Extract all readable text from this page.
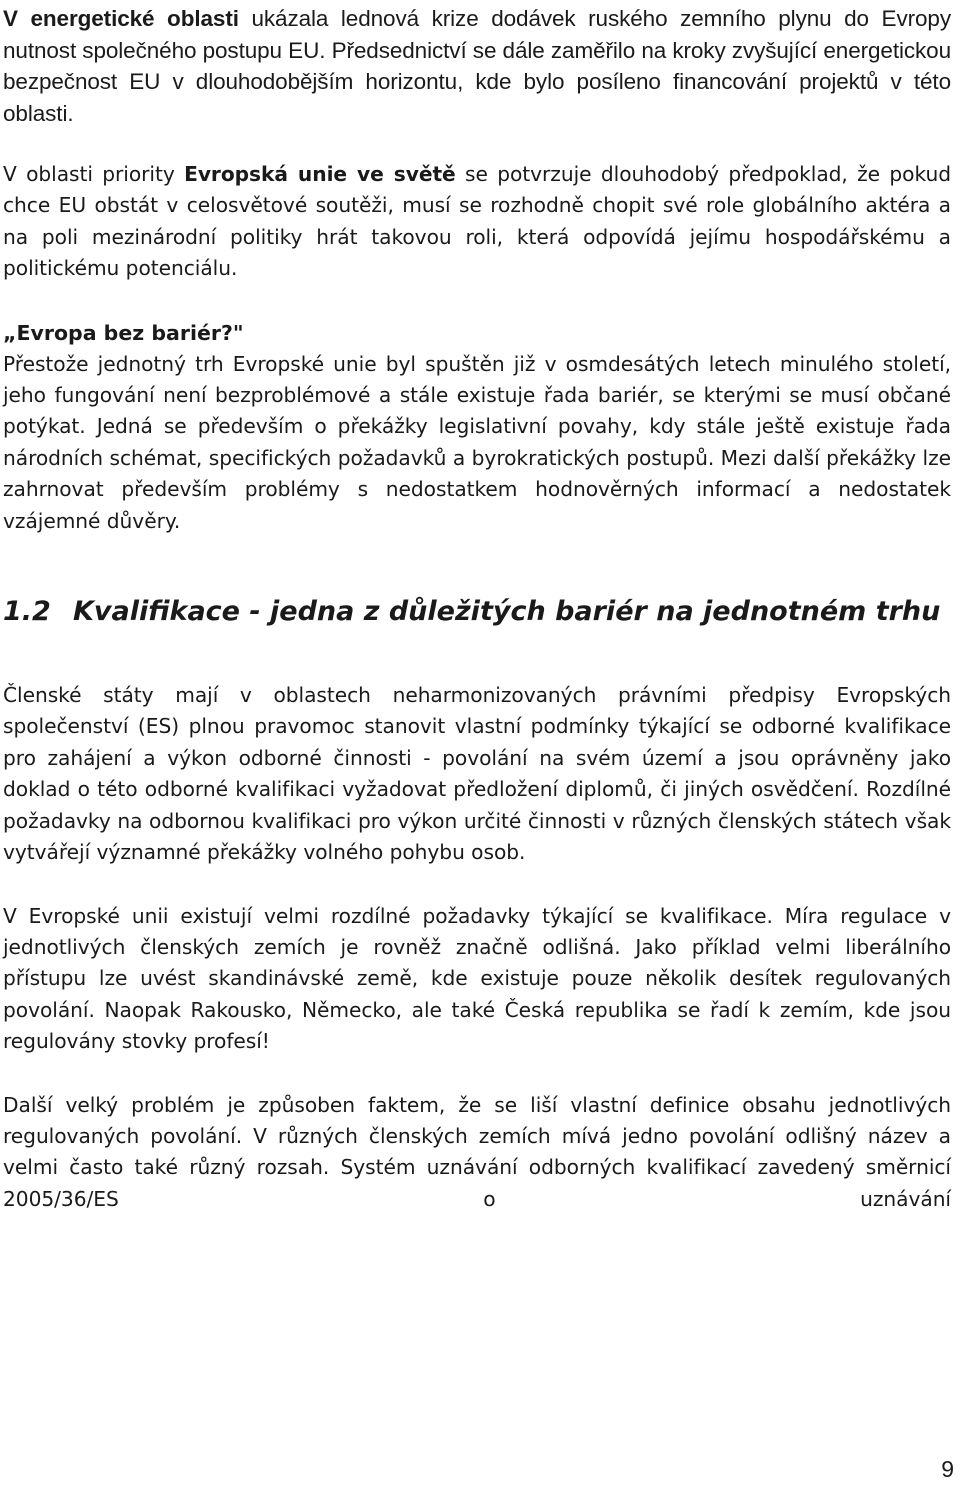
V energetické oblasti ukázala lednová krize dodávek ruského zemního plynu do Evropy nutnost společného postupu EU. Předsednictví se dále zaměřilo na kroky zvyšující energetickou bezpečnost EU v dlouhodobějším horizontu, kde bylo posíleno financování projektů v této oblasti.

V oblasti priority Evropská unie ve světě se potvrzuje dlouhodobý předpoklad, že pokud chce EU obstát v celosvětové soutěži, musí se rozhodně chopit své role globálního aktéra a na poli mezinárodní politiky hrát takovou roli, která odpovídá jejímu hospodářskému a politickému potenciálu.

„Evropa bez bariér?"

Přestože jednotný trh Evropské unie byl spuštěn již v osmdesátých letech minulého století, jeho fungování není bezproblémové a stále existuje řada bariér, se kterými se musí občané potýkat. Jedná se především o překážky legislativní povahy, kdy stále ještě existuje řada národních schémat, specifických požadavků a byrokratických postupů. Mezi další překážky lze zahrnovat především problémy s nedostatkem hodnověrných informací a nedostatek vzájemné důvěry.

1.2 Kvalifikace - jedna z důležitých bariér na jednotném trhu

Členské státy mají v oblastech neharmonizovaných právními předpisy Evropských společenství (ES) plnou pravomoc stanovit vlastní podmínky týkající se odborné kvalifikace pro zahájení a výkon odborné činnosti - povolání na svém území a jsou oprávněny jako doklad o této odborné kvalifikaci vyžadovat předložení diplomů, či jiných osvědčení. Rozdílné požadavky na odbornou kvalifikaci pro výkon určité činnosti v různých členských státech však vytvářejí významné překážky volného pohybu osob.

V Evropské unii existují velmi rozdílné požadavky týkající se kvalifikace. Míra regulace v jednotlivých členských zemích je rovněž značně odlišná. Jako příklad velmi liberálního přístupu lze uvést skandinávské země, kde existuje pouze několik desítek regulovaných povolání. Naopak Rakousko, Německo, ale také Česká republika se řadí k zemím, kde jsou regulovány stovky profesí!

Další velký problém je způsoben faktem, že se liší vlastní definice obsahu jednotlivých regulovaných povolání. V různých členských zemích mívá jedno povolání odlišný název a velmi často také různý rozsah. Systém uznávání odborných kvalifikací zavedený směrnicí 2005/36/ES o uznávání

9
